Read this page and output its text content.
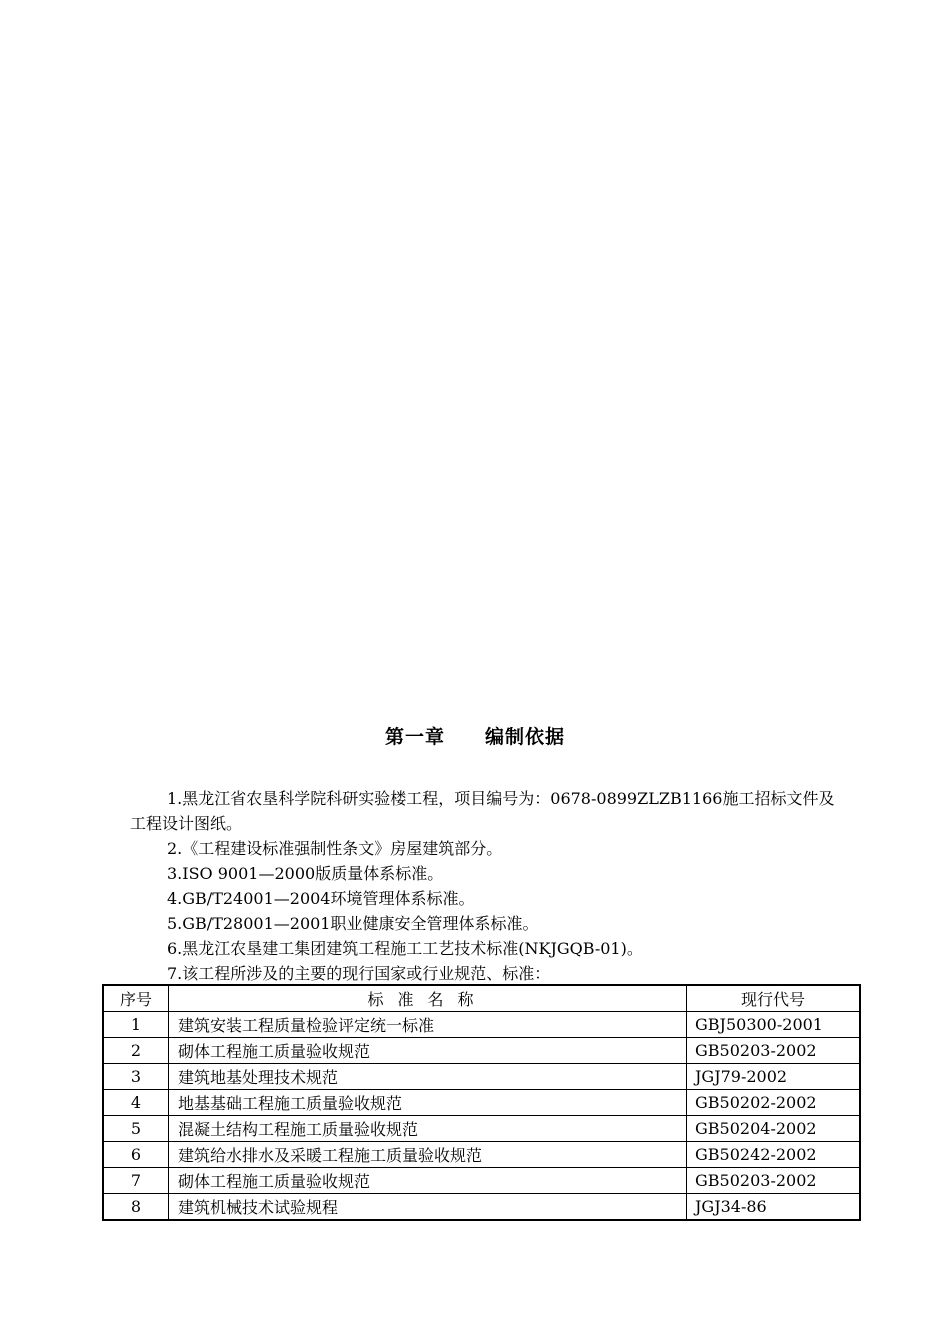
第一章　　编制依据

1.黑龙江省农垦科学院科研实验楼工程，项目编号为：0678-0899ZLZB1166施工招标文件及工程设计图纸。

2.《工程建设标准强制性条文》房屋建筑部分。

3.ISO 9001—2000版质量体系标准。

4.GB/T24001—2004环境管理体系标准。

5.GB/T28001—2001职业健康安全管理体系标准。

6.黑龙江农垦建工集团建筑工程施工工艺技术标准(NKJGQB-01)。

7.该工程所涉及的主要的现行国家或行业规范、标准：

序号	标准名称	现行代号
1	建筑安装工程质量检验评定统一标准	GBJ50300-2001
2	砌体工程施工质量验收规范	GB50203-2002
3	建筑地基处理技术规范	JGJ79-2002
4	地基基础工程施工质量验收规范	GB50202-2002
5	混凝土结构工程施工质量验收规范	GB50204-2002
6	建筑给水排水及采暖工程施工质量验收规范	GB50242-2002
7	砌体工程施工质量验收规范	GB50203-2002
8	建筑机械技术试验规程	JGJ34-86
